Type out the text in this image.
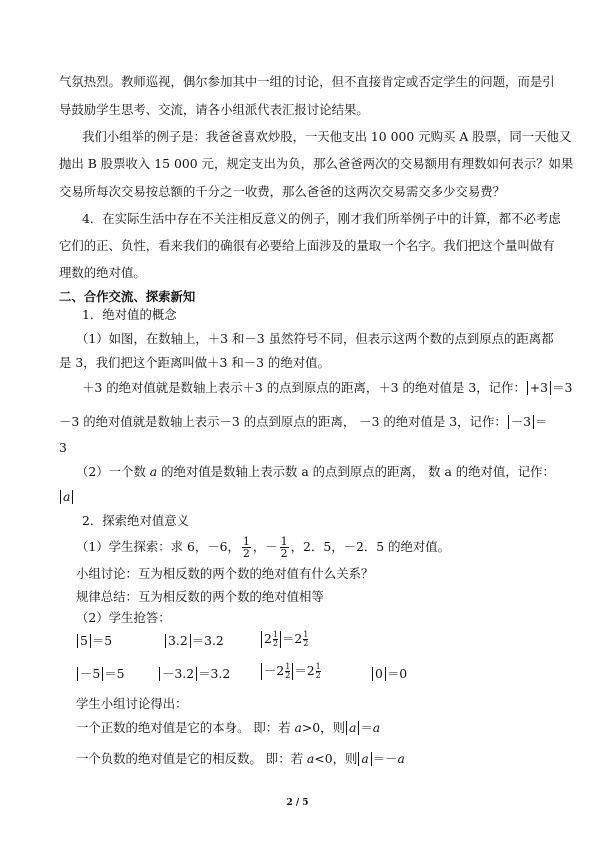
气氛热烈。教师巡视，偶尔参加其中一组的讨论，但不直接肯定或否定学生的问题，而是引
导鼓励学生思考、交流，请各小组派代表汇报讨论结果。
我们小组举的例子是：我爸爸喜欢炒股，一天他支出 10 000 元购买 A 股票，同一天他又
抛出 B 股票收入 15 000 元，规定支出为负，那么爸爸两次的交易额用有理数如何表示？如果
交易所每次交易按总额的千分之一收费，那么爸爸的这两次交易需交多少交易费？
4．在实际生活中存在不关注相反意义的例子，刚才我们所举例子中的计算，都不必考虑
它们的正、负性，看来我们的确很有必要给上面涉及的量取一个名字。我们把这个量叫做有
理数的绝对值。
二、合作交流、探索新知
1．绝对值的概念
（1）如图，在数轴上，＋3 和－3 虽然符号不同，但表示这两个数的点到原点的距离都
是 3，我们把这个距离叫做＋3 和－3 的绝对值。
＋3 的绝对值就是数轴上表示＋3 的点到原点的距离，＋3 的绝对值是 3，记作： +3 ＝3
－3 的绝对值就是数轴上表示－3 的点到原点的距离， －3 的绝对值是 3，记作： －3 ＝
3
（2）一个数 a 的绝对值是数轴上表示数 a 的点到原点的距离， 数 a 的绝对值，记作：
a
2．探索绝对值意义
（1）学生探索：求 6，－6， $\frac{1}{2}$ ，－ $\frac{1}{2}$ ，2．5，－2．5 的绝对值。
小组讨论：互为相反数的两个数的绝对值有什么关系？
规律总结：互为相反数的两个数的绝对值相等
（2）学生抢答：
5 ＝5	3.2 ＝3.2	$2 \frac{1}{2} =2 \frac{1}{2}$
－5 ＝5	－3.2 ＝3.2	$-2 \frac{1}{2} =2 \frac{1}{2}$	0 ＝0
学生小组讨论得出：
一个正数的绝对值是它的本身。 即：若 a>0，则 a ＝a
一个负数的绝对值是它的相反数。 即：若 a<0，则 a ＝－a
2 / 5
